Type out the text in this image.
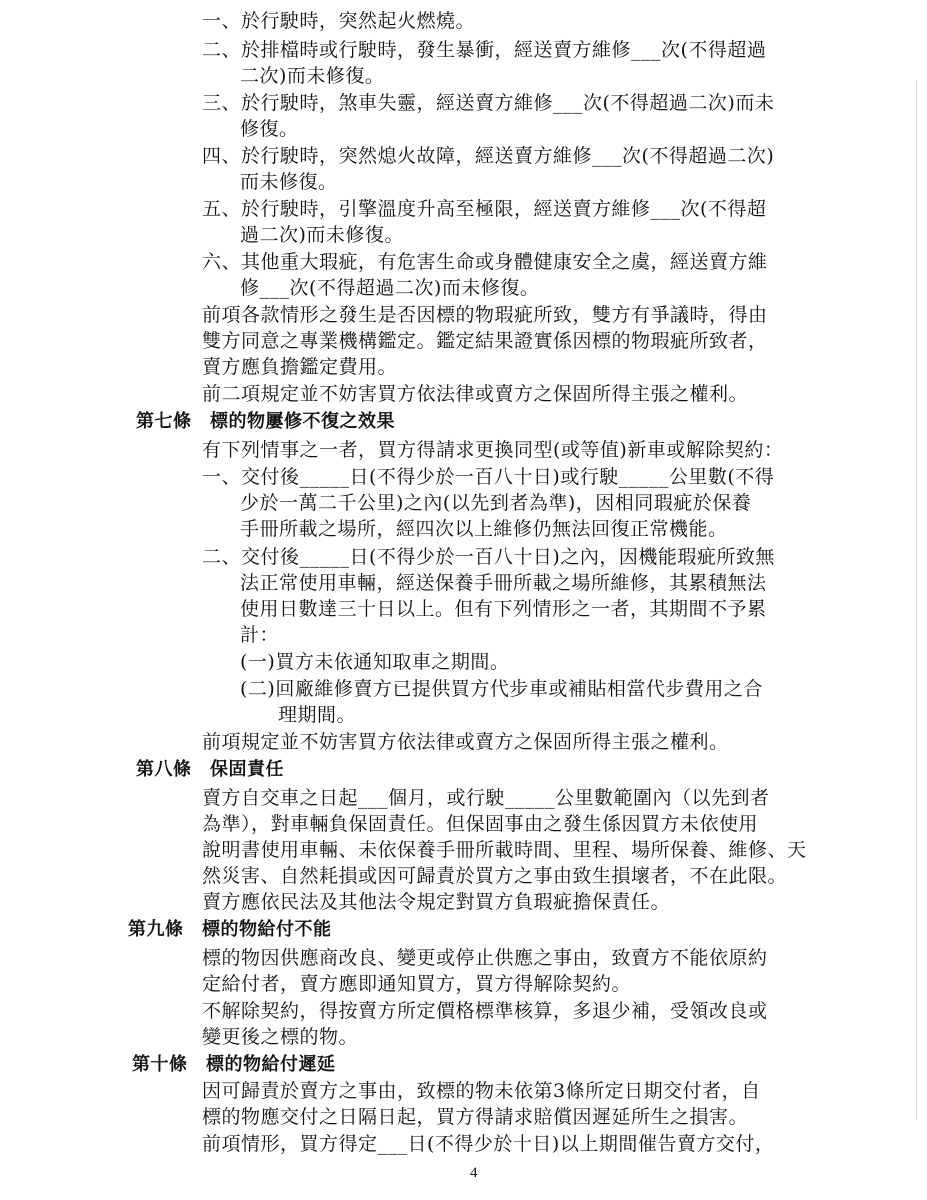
一、於行駛時，突然起火燃燒。
二、於排檔時或行駛時，發生暴衝，經送賣方維修___次(不得超過
二次)而未修復。
三、於行駛時，煞車失靈，經送賣方維修___次(不得超過二次)而未
修復。
四、於行駛時，突然熄火故障，經送賣方維修___次(不得超過二次)
而未修復。
五、於行駛時，引擎溫度升高至極限，經送賣方維修___次(不得超
過二次)而未修復。
六、其他重大瑕疵，有危害生命或身體健康安全之虞，經送賣方維
修___次(不得超過二次)而未修復。
前項各款情形之發生是否因標的物瑕疵所致，雙方有爭議時，得由
雙方同意之專業機構鑑定。鑑定結果證實係因標的物瑕疵所致者，
賣方應負擔鑑定費用。
前二項規定並不妨害買方依法律或賣方之保固所得主張之權利。
第七條　標的物屢修不復之效果
有下列情事之一者，買方得請求更換同型(或等值)新車或解除契約：
一、交付後_____日(不得少於一百八十日)或行駛_____公里數(不得
少於一萬二千公里)之內(以先到者為準)，因相同瑕疵於保養
手冊所載之場所，經四次以上維修仍無法回復正常機能。
二、交付後_____日(不得少於一百八十日)之內，因機能瑕疵所致無
法正常使用車輛，經送保養手冊所載之場所維修，其累積無法
使用日數達三十日以上。但有下列情形之一者，其期間不予累
計：
(一)買方未依通知取車之期間。
(二)回廠維修賣方已提供買方代步車或補貼相當代步費用之合
理期間。
前項規定並不妨害買方依法律或賣方之保固所得主張之權利。
第八條　保固責任
賣方自交車之日起___個月，或行駛_____公里數範圍內（以先到者
為準），對車輛負保固責任。但保固事由之發生係因買方未依使用
說明書使用車輛、未依保養手冊所載時間、里程、場所保養、維修、天
然災害、自然耗損或因可歸責於買方之事由致生損壞者，不在此限。
賣方應依民法及其他法令規定對買方負瑕疵擔保責任。
第九條　標的物給付不能
標的物因供應商改良、變更或停止供應之事由，致賣方不能依原約
定給付者，賣方應即通知買方，買方得解除契約。
不解除契約，得按賣方所定價格標準核算，多退少補，受領改良或
變更後之標的物。
第十條　標的物給付遲延
因可歸責於賣方之事由，致標的物未依第3條所定日期交付者，自
標的物應交付之日隔日起，買方得請求賠償因遲延所生之損害。
前項情形，買方得定___日(不得少於十日)以上期間催告賣方交付，
4
